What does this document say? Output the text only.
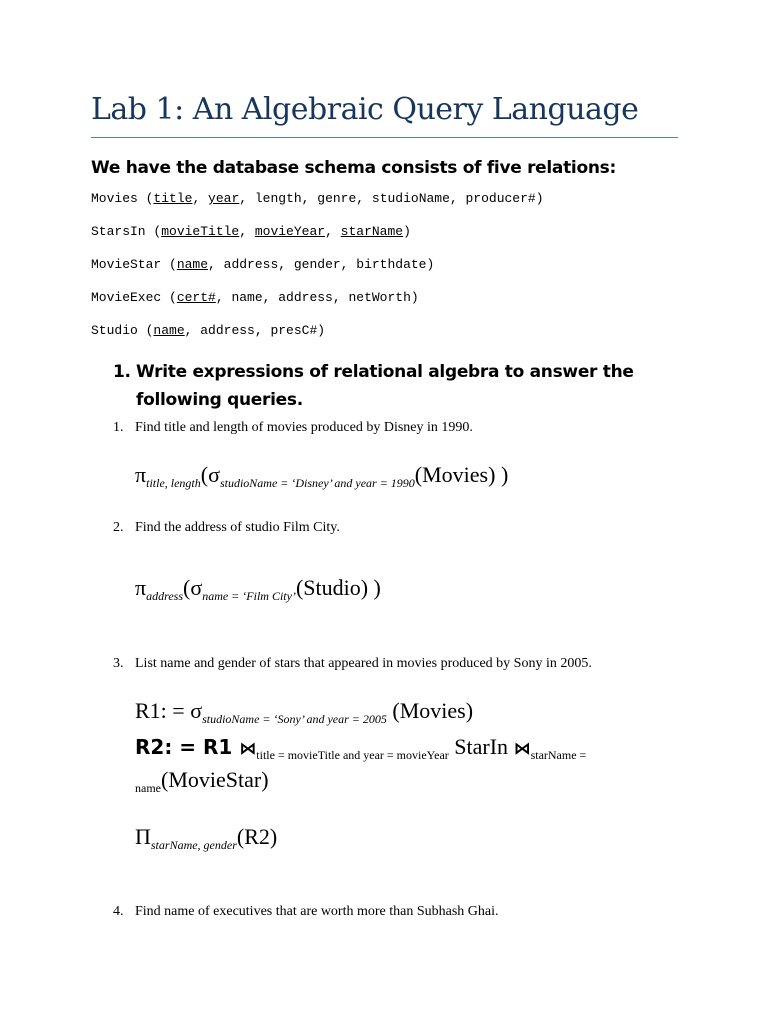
Lab 1: An Algebraic Query Language
We have the database schema consists of five relations:
Movies (title, year, length, genre, studioName, producer#)
StarsIn (movieTitle, movieYear, starName)
MovieStar (name, address, gender, birthdate)
MovieExec (cert#, name, address, netWorth)
Studio (name, address, presC#)
1. Write expressions of relational algebra to answer the following queries.
1. Find title and length of movies produced by Disney in 1990.
$\pi_{title, length}(\sigma_{studioName = ‘Disney’ and year = 1990}(Movies)$ )
2. Find the address of studio Film City.
$\pi_{address}(\sigma_{name = ‘Film City’}(Studio)$ )
3. List name and gender of stars that appeared in movies produced by Sony in 2005.
R1: = $\sigma_{studioName = ‘Sony’ and year = 2005}$ (Movies)
R2: = R1 $⋈_{title = movieTitle and year = movieYear}$ StarIn $⋈_{starName =}$
$_{name}$(MovieStar)
$\Pi_{starName, gender}(R2)$
4. Find name of executives that are worth more than Subhash Ghai.
